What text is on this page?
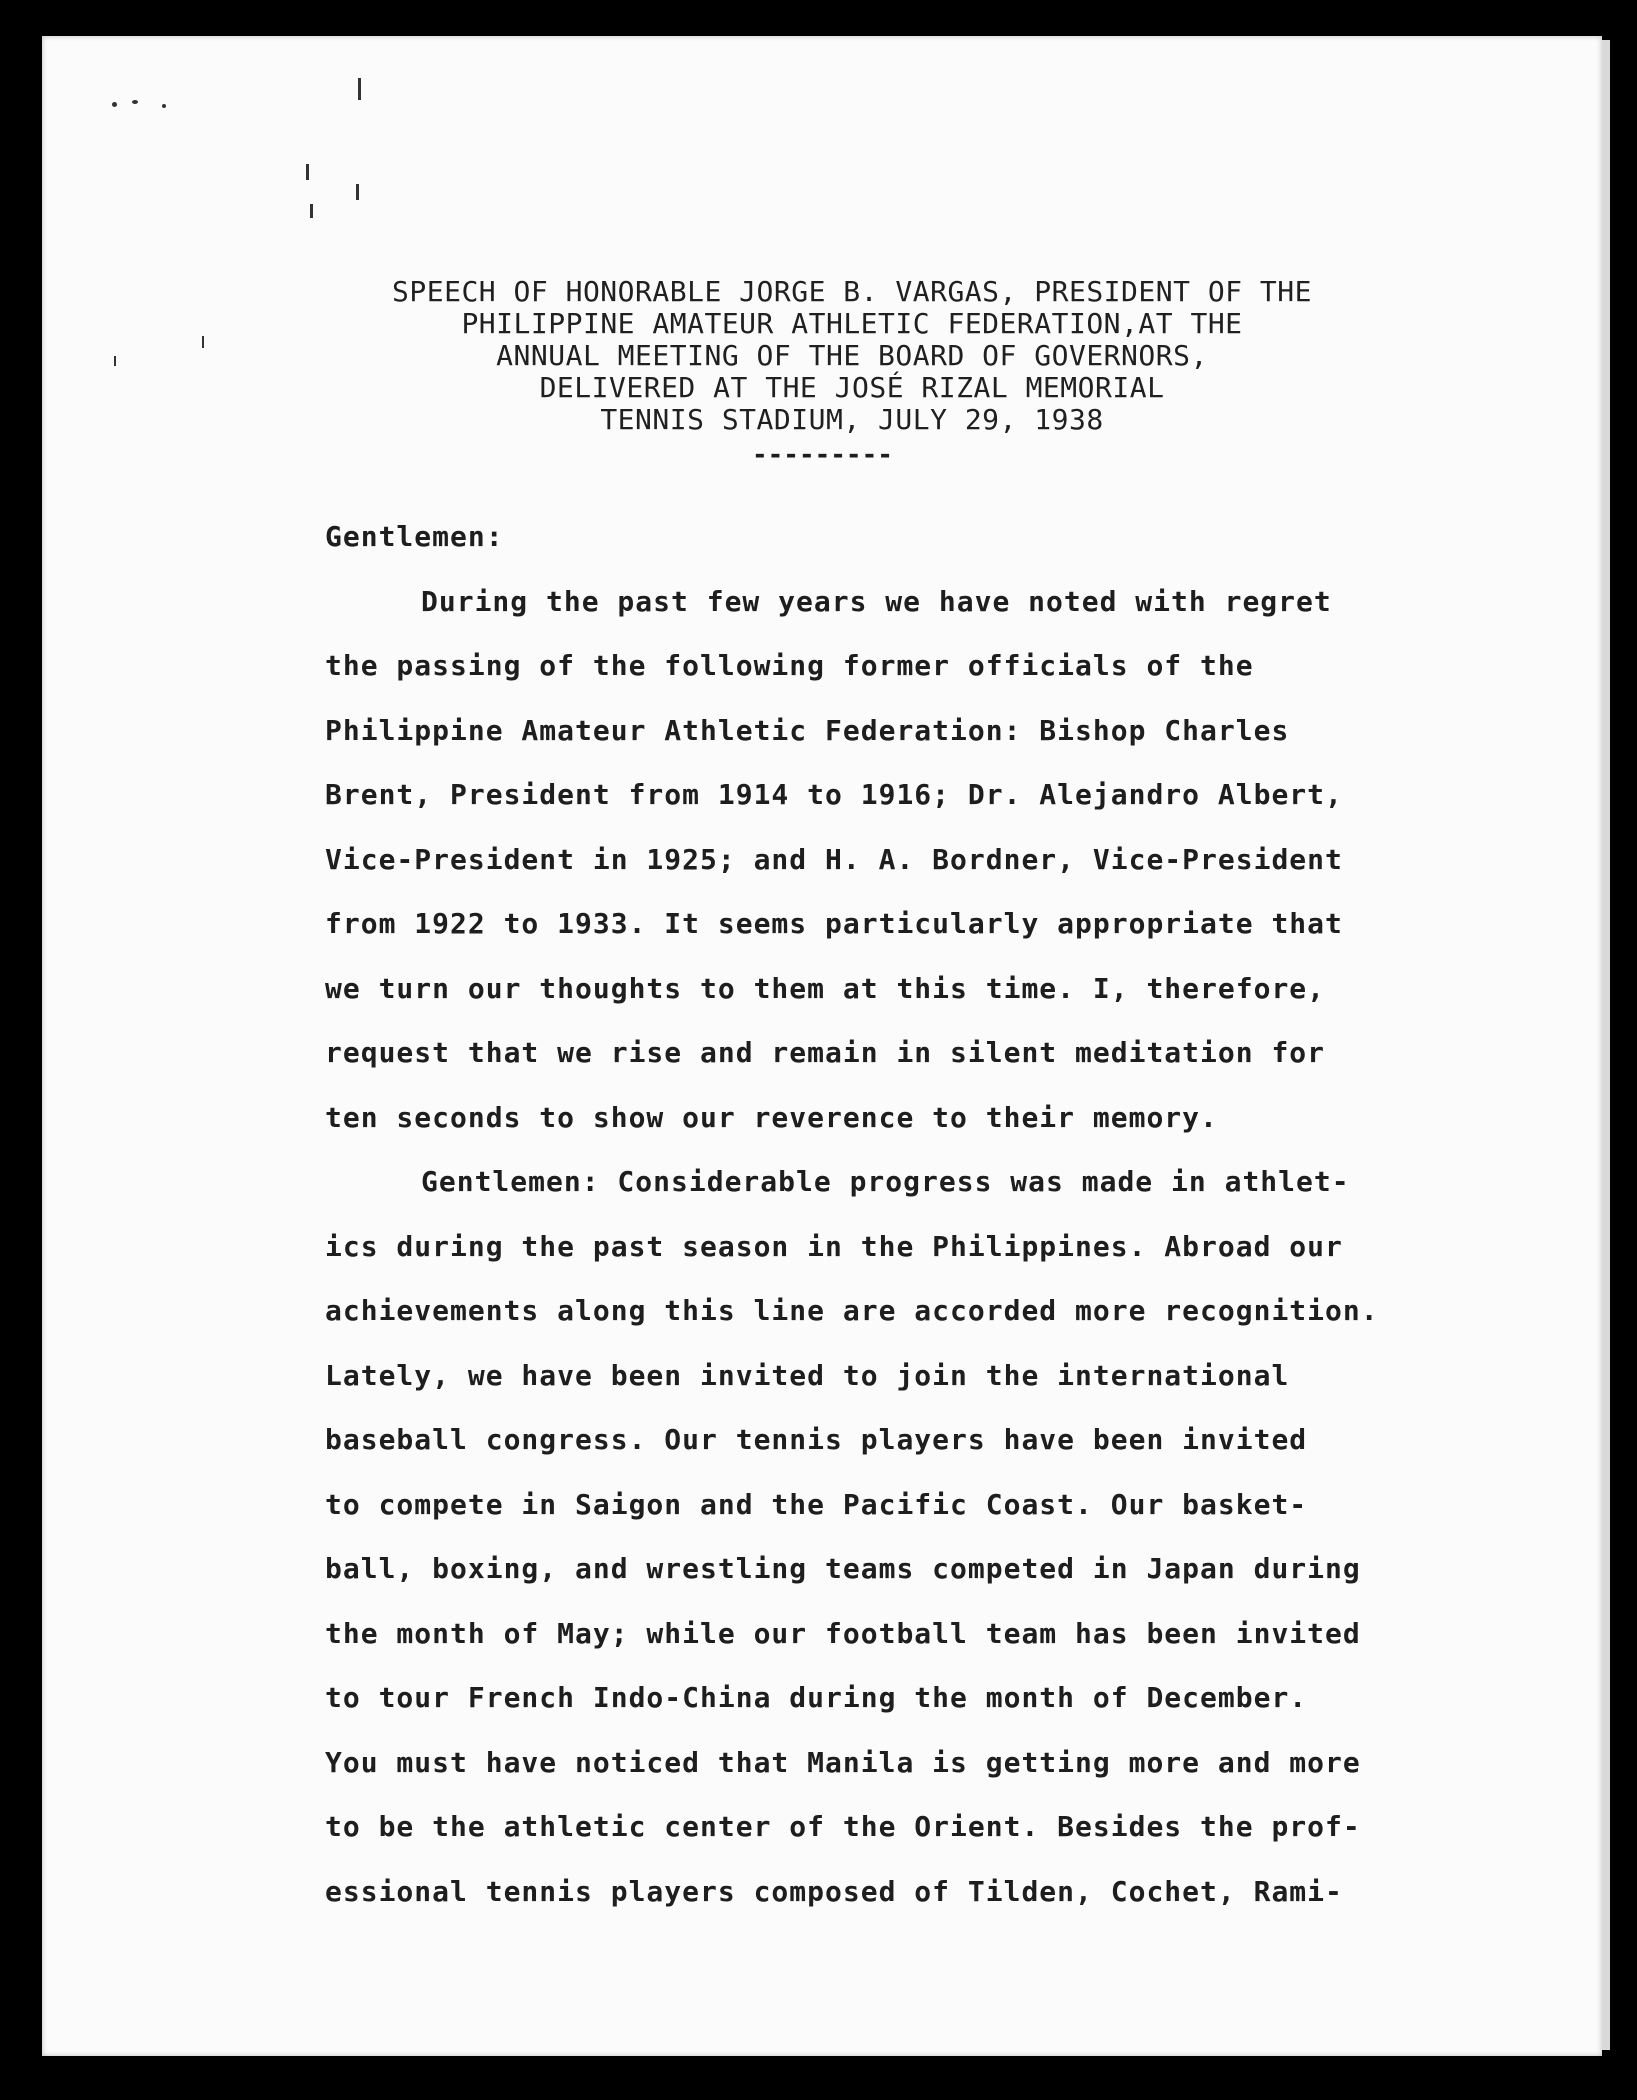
SPEECH OF HONORABLE JORGE B. VARGAS, PRESIDENT OF THE
PHILIPPINE AMATEUR ATHLETIC FEDERATION,AT THE
ANNUAL MEETING OF THE BOARD OF GOVERNORS,
DELIVERED AT THE JOSÉ RIZAL MEMORIAL
TENNIS STADIUM, JULY 29, 1938
---------
Gentlemen:
During the past few years we have noted with regret
the passing of the following former officials of the
Philippine Amateur Athletic Federation: Bishop Charles
Brent, President from 1914 to 1916; Dr. Alejandro Albert,
Vice-President in 1925; and H. A. Bordner, Vice-President
from 1922 to 1933. It seems particularly appropriate that
we turn our thoughts to them at this time. I, therefore,
request that we rise and remain in silent meditation for
ten seconds to show our reverence to their memory.
Gentlemen: Considerable progress was made in athlet-
ics during the past season in the Philippines. Abroad our
achievements along this line are accorded more recognition.
Lately, we have been invited to join the international
baseball congress. Our tennis players have been invited
to compete in Saigon and the Pacific Coast. Our basket-
ball, boxing, and wrestling teams competed in Japan during
the month of May; while our football team has been invited
to tour French Indo-China during the month of December.
You must have noticed that Manila is getting more and more
to be the athletic center of the Orient. Besides the prof-
essional tennis players composed of Tilden, Cochet, Rami-
